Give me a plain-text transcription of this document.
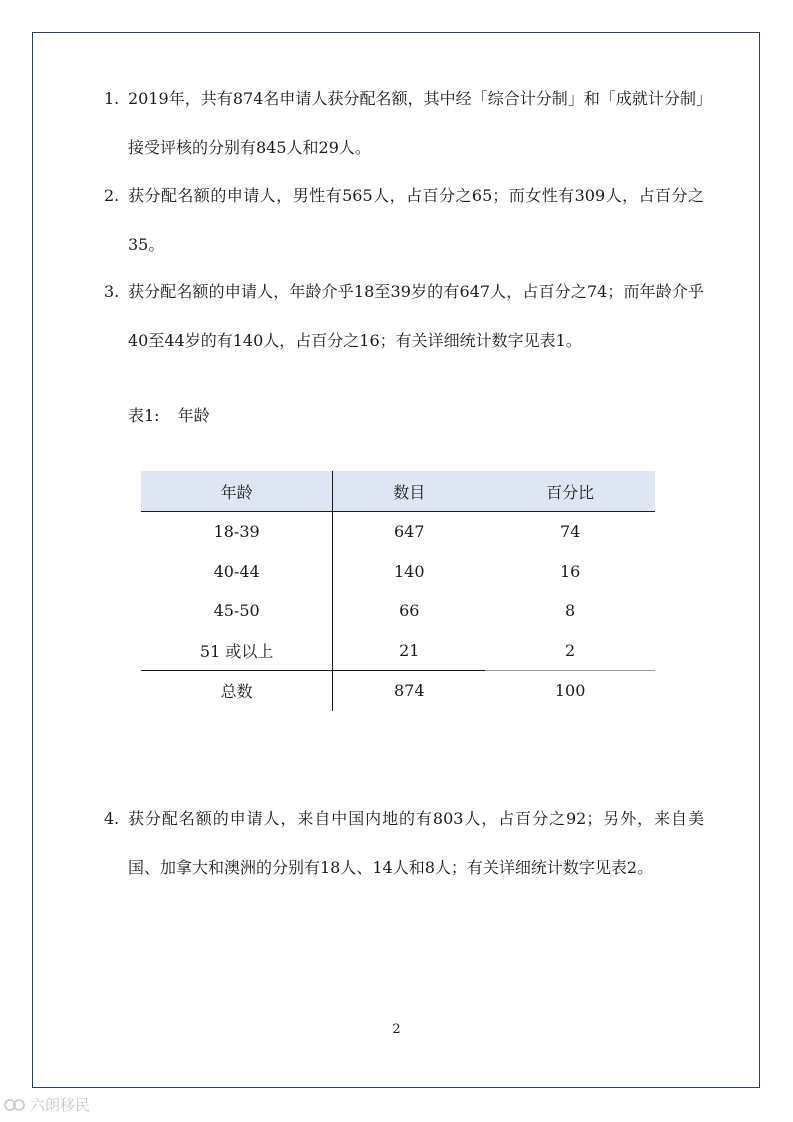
1. 2019年，共有874名申请人获分配名额，其中经「综合计分制」和「成就计分制」接受评核的分别有845人和29人。
2. 获分配名额的申请人，男性有565人，占百分之65；而女性有309人，占百分之35。
3. 获分配名额的申请人，年龄介乎18至39岁的有647人，占百分之74；而年龄介乎40至44岁的有140人，占百分之16；有关详细统计数字见表1。
表1: 年龄
年龄	数目	百分比
18-39	647	74
40-44	140	16
45-50	66	8
51 或以上	21	2
总数	874	100
4. 获分配名额的申请人，来自中国内地的有803人，占百分之92；另外，来自美国、加拿大和澳洲的分别有18人、14人和8人；有关详细统计数字见表2。
2
六朗移民
